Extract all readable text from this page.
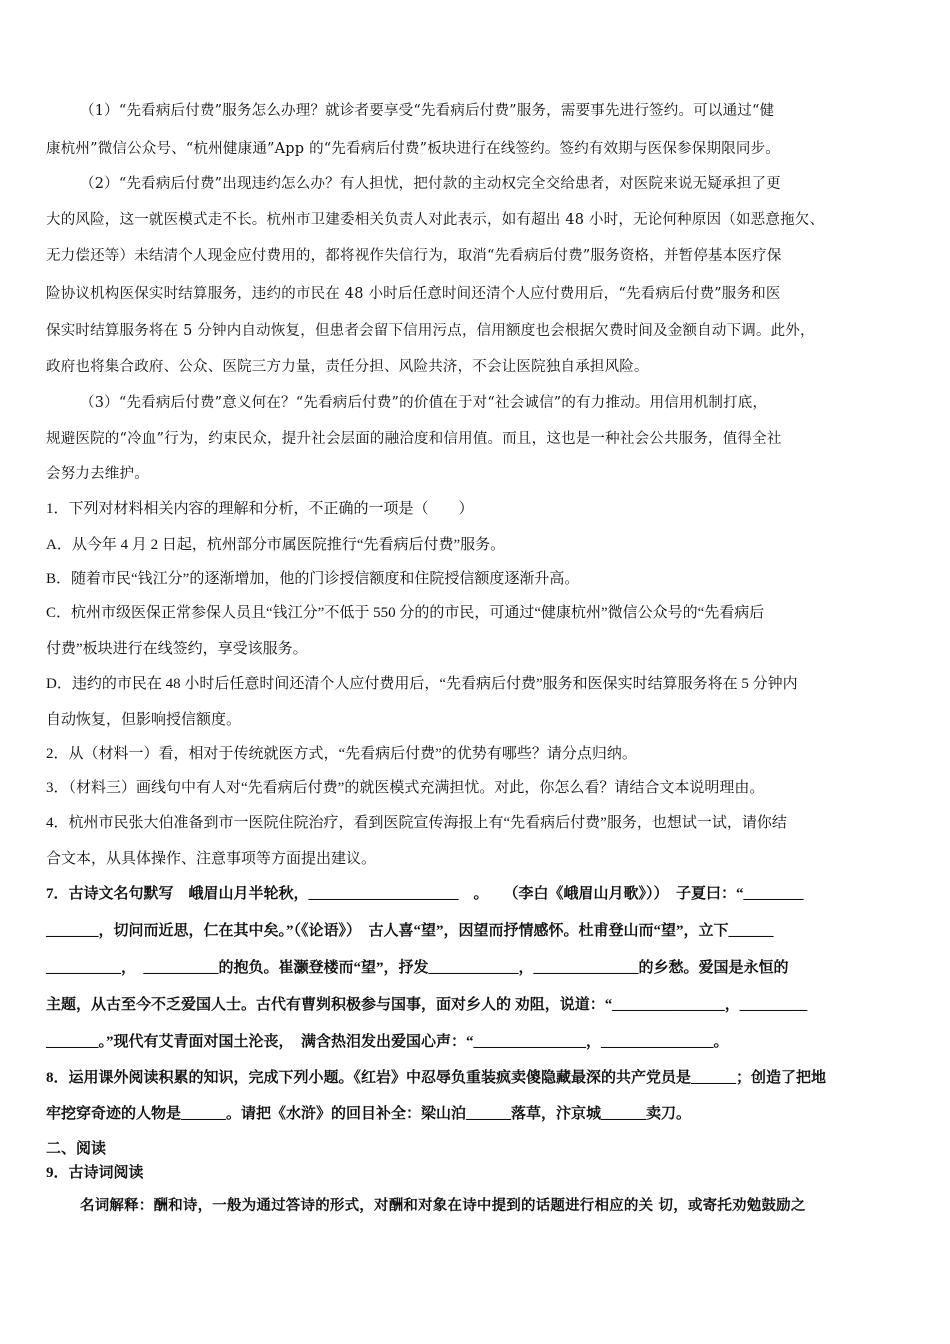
（1）“先看病后付费”服务怎么办理？就诊者要享受“先看病后付费”服务，需要事先进行签约。可以通过“健
康杭州”微信公众号、“杭州健康通”App 的“先看病后付费”板块进行在线签约。签约有效期与医保参保期限同步。
（2）“先看病后付费”出现违约怎么办？有人担忧，把付款的主动权完全交给患者，对医院来说无疑承担了更
大的风险，这一就医模式走不长。杭州市卫建委相关负责人对此表示，如有超出 48 小时，无论何种原因（如恶意拖欠、
无力偿还等）未结清个人现金应付费用的，都将视作失信行为，取消“先看病后付费”服务资格，并暂停基本医疗保
险协议机构医保实时结算服务，违约的市民在 48 小时后任意时间还清个人应付费用后，“先看病后付费”服务和医
保实时结算服务将在 5 分钟内自动恢复，但患者会留下信用污点，信用额度也会根据欠费时间及金额自动下调。此外，
政府也将集合政府、公众、医院三方力量，责任分担、风险共济，不会让医院独自承担风险。
（3）“先看病后付费”意义何在？“先看病后付费”的价值在于对“社会诚信”的有力推动。用信用机制打底，
规避医院的“冷血”行为，约束民众，提升社会层面的融洽度和信用值。而且，这也是一种社会公共服务，值得全社
会努力去维护。
1．下列对材料相关内容的理解和分析，不正确的一项是（　　）
A．从今年 4 月 2 日起，杭州部分市属医院推行“先看病后付费”服务。
B．随着市民“钱江分”的逐渐增加，他的门诊授信额度和住院授信额度逐渐升高。
C．杭州市级医保正常参保人员且“钱江分”不低于 550 分的的市民，可通过“健康杭州”微信公众号的“先看病后
付费”板块进行在线签约，享受该服务。
D．违约的市民在 48 小时后任意时间还清个人应付费用后，“先看病后付费”服务和医保实时结算服务将在 5 分钟内
自动恢复，但影响授信额度。
2．从（材料一）看，相对于传统就医方式，“先看病后付费”的优势有哪些？请分点归纳。
3．（材料三）画线句中有人对“先看病后付费”的就医模式充满担忧。对此，你怎么看？请结合文本说明理由。
4．杭州市民张大伯准备到市一医院住院治疗，看到医院宣传海报上有“先看病后付费”服务，也想试一试，请你结
合文本，从具体操作、注意事项等方面提出建议。
7．古诗文名句默写　峨眉山月半轮秋，____________________　。　　（李白《峨眉山月歌》））　子夏曰：“________
_______，切问而近思，仁在其中矣。”（《论语》）　古人喜“望”，因望而抒情感怀。杜甫登山而“望”，立下______
__________，　__________的抱负。崔灏登楼而“望”，抒发____________，______________的乡愁。爱国是永恒的
主题，从古至今不乏爱国人士。古代有曹刿积极参与国事，面对乡人的 劝阻，说道：“_______________，_________
_______。”现代有艾青面对国土沦丧，　满含热泪发出爱国心声：“_______________，_______________。
8．运用课外阅读积累的知识，完成下列小题。《红岩》中忍辱负重装疯卖傻隐藏最深的共产党员是______；创造了把地
牢挖穿奇迹的人物是______。请把《水浒》的回目补全：梁山泊______落草，汴京城______卖刀。
二、阅读
9．古诗词阅读
名词解释：酬和诗，一般为通过答诗的形式，对酬和对象在诗中提到的话题进行相应的关 切，或寄托劝勉鼓励之
